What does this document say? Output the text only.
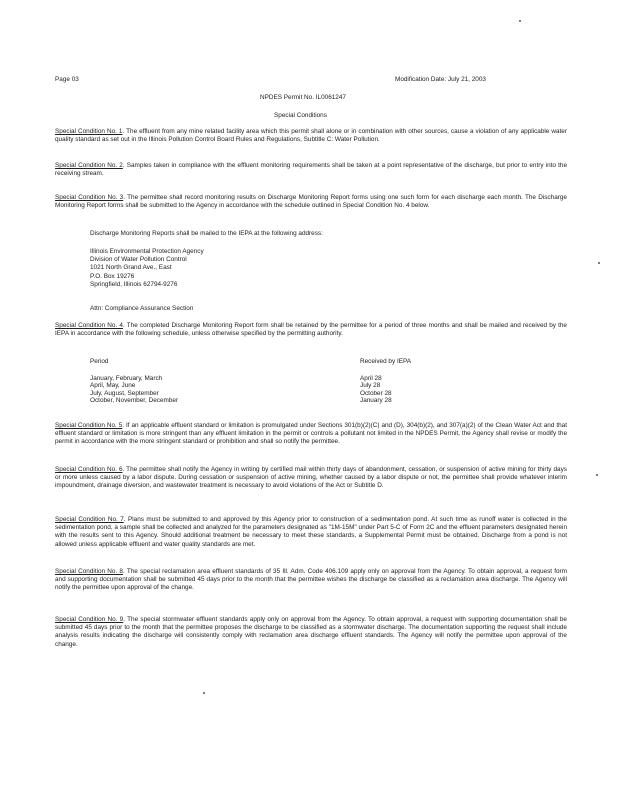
Page 03	Modification Date: July 21, 2003
NPDES Permit No. IL0061247
Special Conditions
Special Condition No. 1. The effluent from any mine related facility area which this permit shall alone or in combination with other sources, cause a violation of any applicable water quality standard as set out in the Illinois Pollution Control Board Rules and Regulations, Subtitle C: Water Pollution.
Special Condition No. 2. Samples taken in compliance with the effluent monitoring requirements shall be taken at a point representative of the discharge, but prior to entry into the receiving stream.
Special Condition No. 3. The permittee shall record monitoring results on Discharge Monitoring Report forms using one such form for each discharge each month. The Discharge Monitoring Report forms shall be submitted to the Agency in accordance with the schedule outlined in Special Condition No. 4 below.
Discharge Monitoring Reports shall be mailed to the IEPA at the following address:
Illinois Environmental Protection Agency
Division of Water Pollution Control
1021 North Grand Ave., East
P.O. Box 19276
Springfield, Illinois 62794-9276
Attn: Compliance Assurance Section
Special Condition No. 4. The completed Discharge Monitoring Report form shall be retained by the permittee for a period of three months and shall be mailed and received by the IEPA in accordance with the following schedule, unless otherwise specified by the permitting authority.
Period	Received by IEPA
January, February, March	April 28
April, May, June	July 28
July, August, September	October 28
October, November, December	January 28
Special Condition No. 5. If an applicable effluent standard or limitation is promulgated under Sections 301(b)(2)(C) and (D), 304(b)(2), and 307(a)(2) of the Clean Water Act and that effluent standard or limitation is more stringent than any effluent limitation in the permit or controls a pollutant not limited in the NPDES Permit, the Agency shall revise or modify the permit in accordance with the more stringent standard or prohibition and shall so notify the permittee.
Special Condition No. 6. The permittee shall notify the Agency in writing by certified mail within thirty days of abandonment, cessation, or suspension of active mining for thirty days or more unless caused by a labor dispute. During cessation or suspension of active mining, whether caused by a labor dispute or not, the permittee shall provide whatever interim impoundment, drainage diversion, and wastewater treatment is necessary to avoid violations of the Act or Subtitle D.
Special Condition No. 7. Plans must be submitted to and approved by this Agency prior to construction of a sedimentation pond. At such time as runoff water is collected in the sedimentation pond, a sample shall be collected and analyzed for the parameters designated as "1M-15M" under Part 5-C of Form 2C and the effluent parameters designated herein with the results sent to this Agency. Should additional treatment be necessary to meet these standards, a Supplemental Permit must be obtained. Discharge from a pond is not allowed unless applicable effluent and water quality standards are met.
Special Condition No. 8. The special reclamation area effluent standards of 35 Ill. Adm. Code 406.109 apply only on approval from the Agency. To obtain approval, a request form and supporting documentation shall be submitted 45 days prior to the month that the permittee wishes the discharge be classified as a reclamation area discharge. The Agency will notify the permittee upon approval of the change.
Special Condition No. 9. The special stormwater effluent standards apply only on approval from the Agency. To obtain approval, a request with supporting documentation shall be submitted 45 days prior to the month that the permittee proposes the discharge to be classified as a stormwater discharge. The documentation supporting the request shall include analysis results indicating the discharge will consistently comply with reclamation area discharge effluent standards. The Agency will notify the permittee upon approval of the change.
